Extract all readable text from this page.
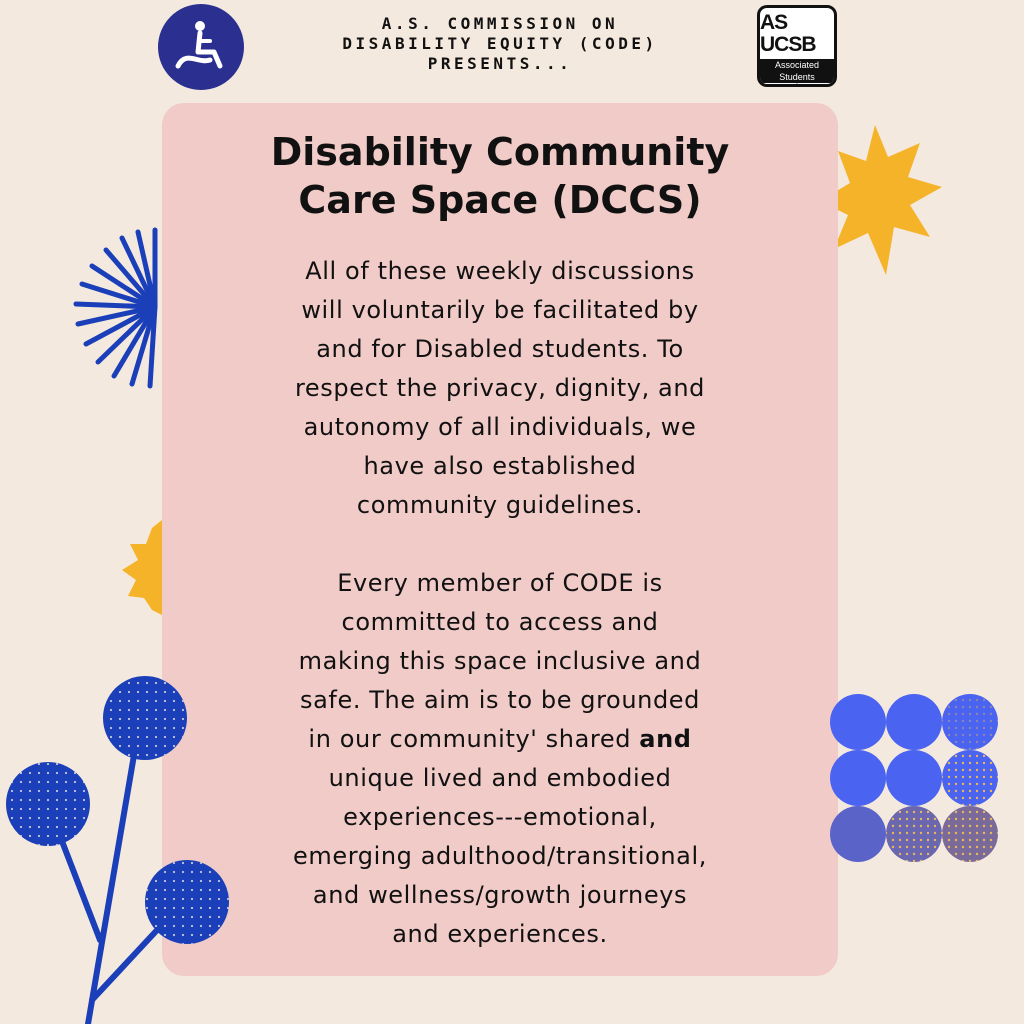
A.S. COMMISSION ON
DISABILITY EQUITY (CODE)
PRESENTS...
AS UCSB
Associated Students
Disability Community
Care Space (DCCS)
All of these weekly discussions
will voluntarily be facilitated by
and for Disabled students. To
respect the privacy, dignity, and
autonomy of all individuals, we
have also established
community guidelines.
Every member of CODE is
committed to access and
making this space inclusive and
safe. The aim is to be grounded
in our community' shared and
unique lived and embodied
experiences---emotional,
emerging adulthood/transitional,
and wellness/growth journeys
and experiences.
